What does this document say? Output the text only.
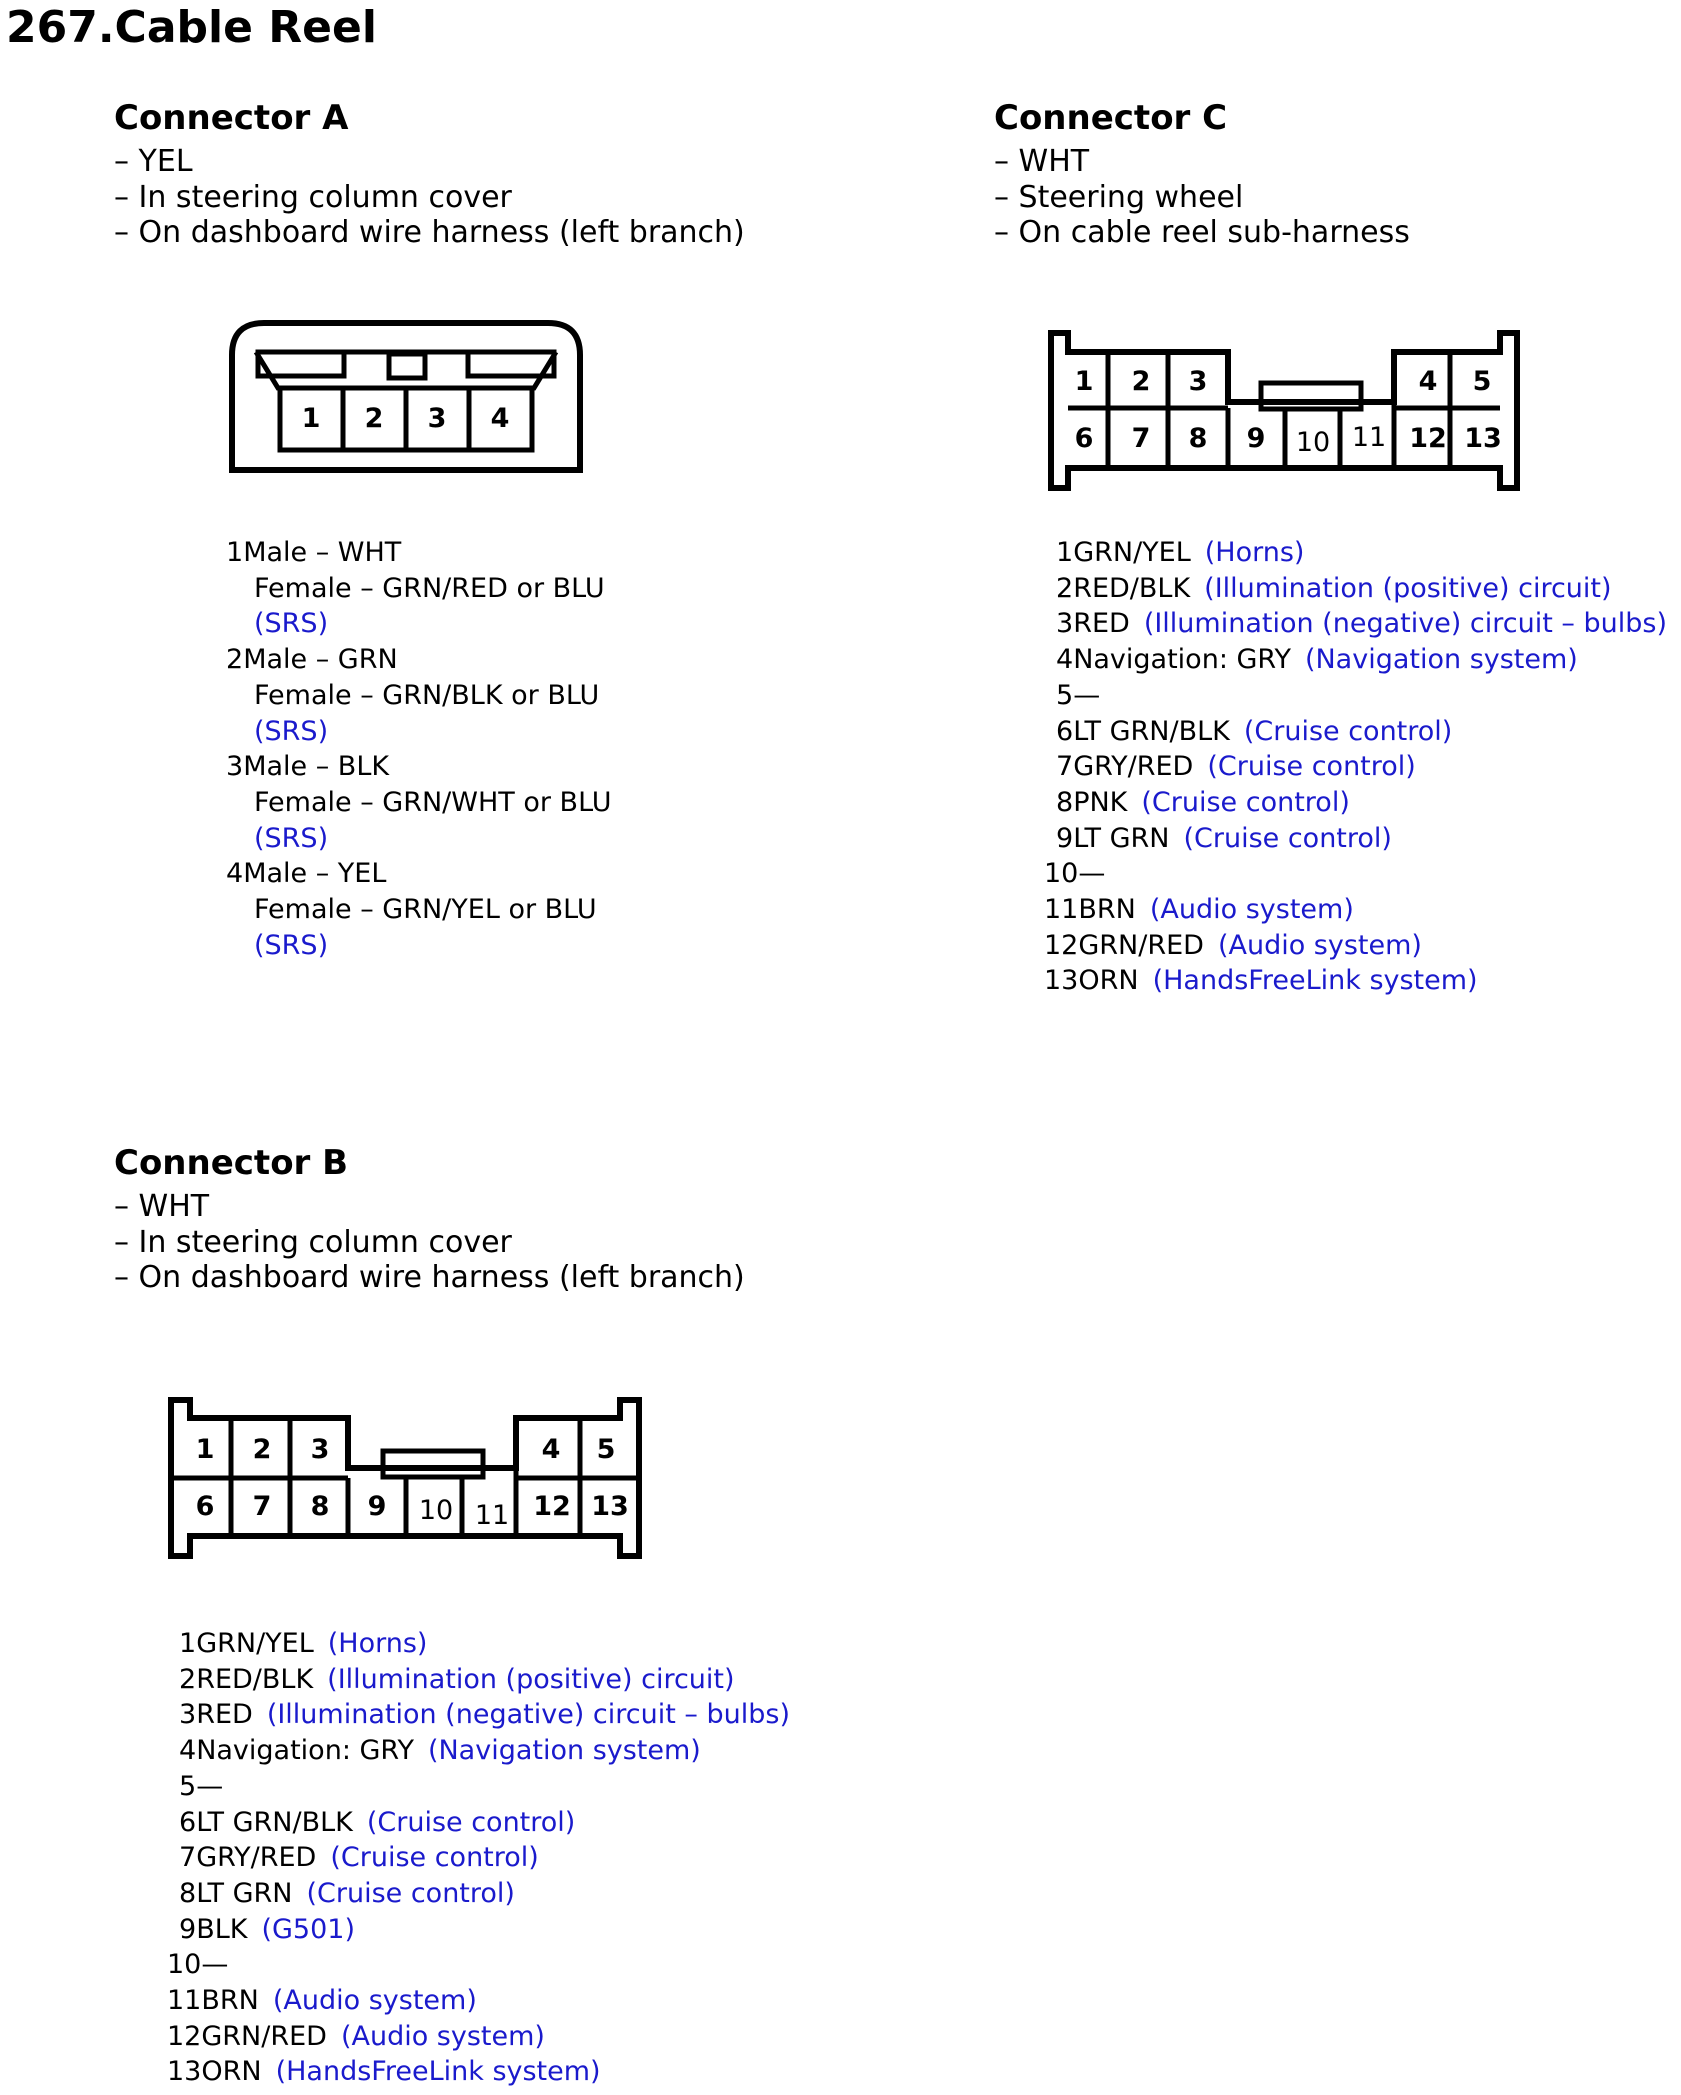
267.Cable Reel
Connector A
– YEL
– In steering column cover
– On dashboard wire harness (left branch)
Connector C
– WHT
– Steering wheel
– On cable reel sub-harness
Connector B
– WHT
– In steering column cover
– On dashboard wire harness (left branch)
1 2 3 4
1 2 3	4 5
6 7 8 9 10 11 12 13
1 2 3	4 5
6 7 8 9 10 11 12 13
1Male – WHT
Female – GRN/RED or BLU
(SRS)
2Male – GRN
Female – GRN/BLK or BLU
(SRS)
3Male – BLK
Female – GRN/WHT or BLU
(SRS)
4Male – YEL
Female – GRN/YEL or BLU
(SRS)
1GRN/YEL (Horns)
2RED/BLK (Illumination (positive) circuit)
3RED (Illumination (negative) circuit – bulbs)
4Navigation: GRY (Navigation system)
5—
6LT GRN/BLK (Cruise control)
7GRY/RED (Cruise control)
8PNK (Cruise control)
9LT GRN (Cruise control)
10—
11BRN (Audio system)
12GRN/RED (Audio system)
13ORN (HandsFreeLink system)
1GRN/YEL (Horns)
2RED/BLK (Illumination (positive) circuit)
3RED (Illumination (negative) circuit – bulbs)
4Navigation: GRY (Navigation system)
5—
6LT GRN/BLK (Cruise control)
7GRY/RED (Cruise control)
8LT GRN (Cruise control)
9BLK (G501)
10—
11BRN (Audio system)
12GRN/RED (Audio system)
13ORN (HandsFreeLink system)
